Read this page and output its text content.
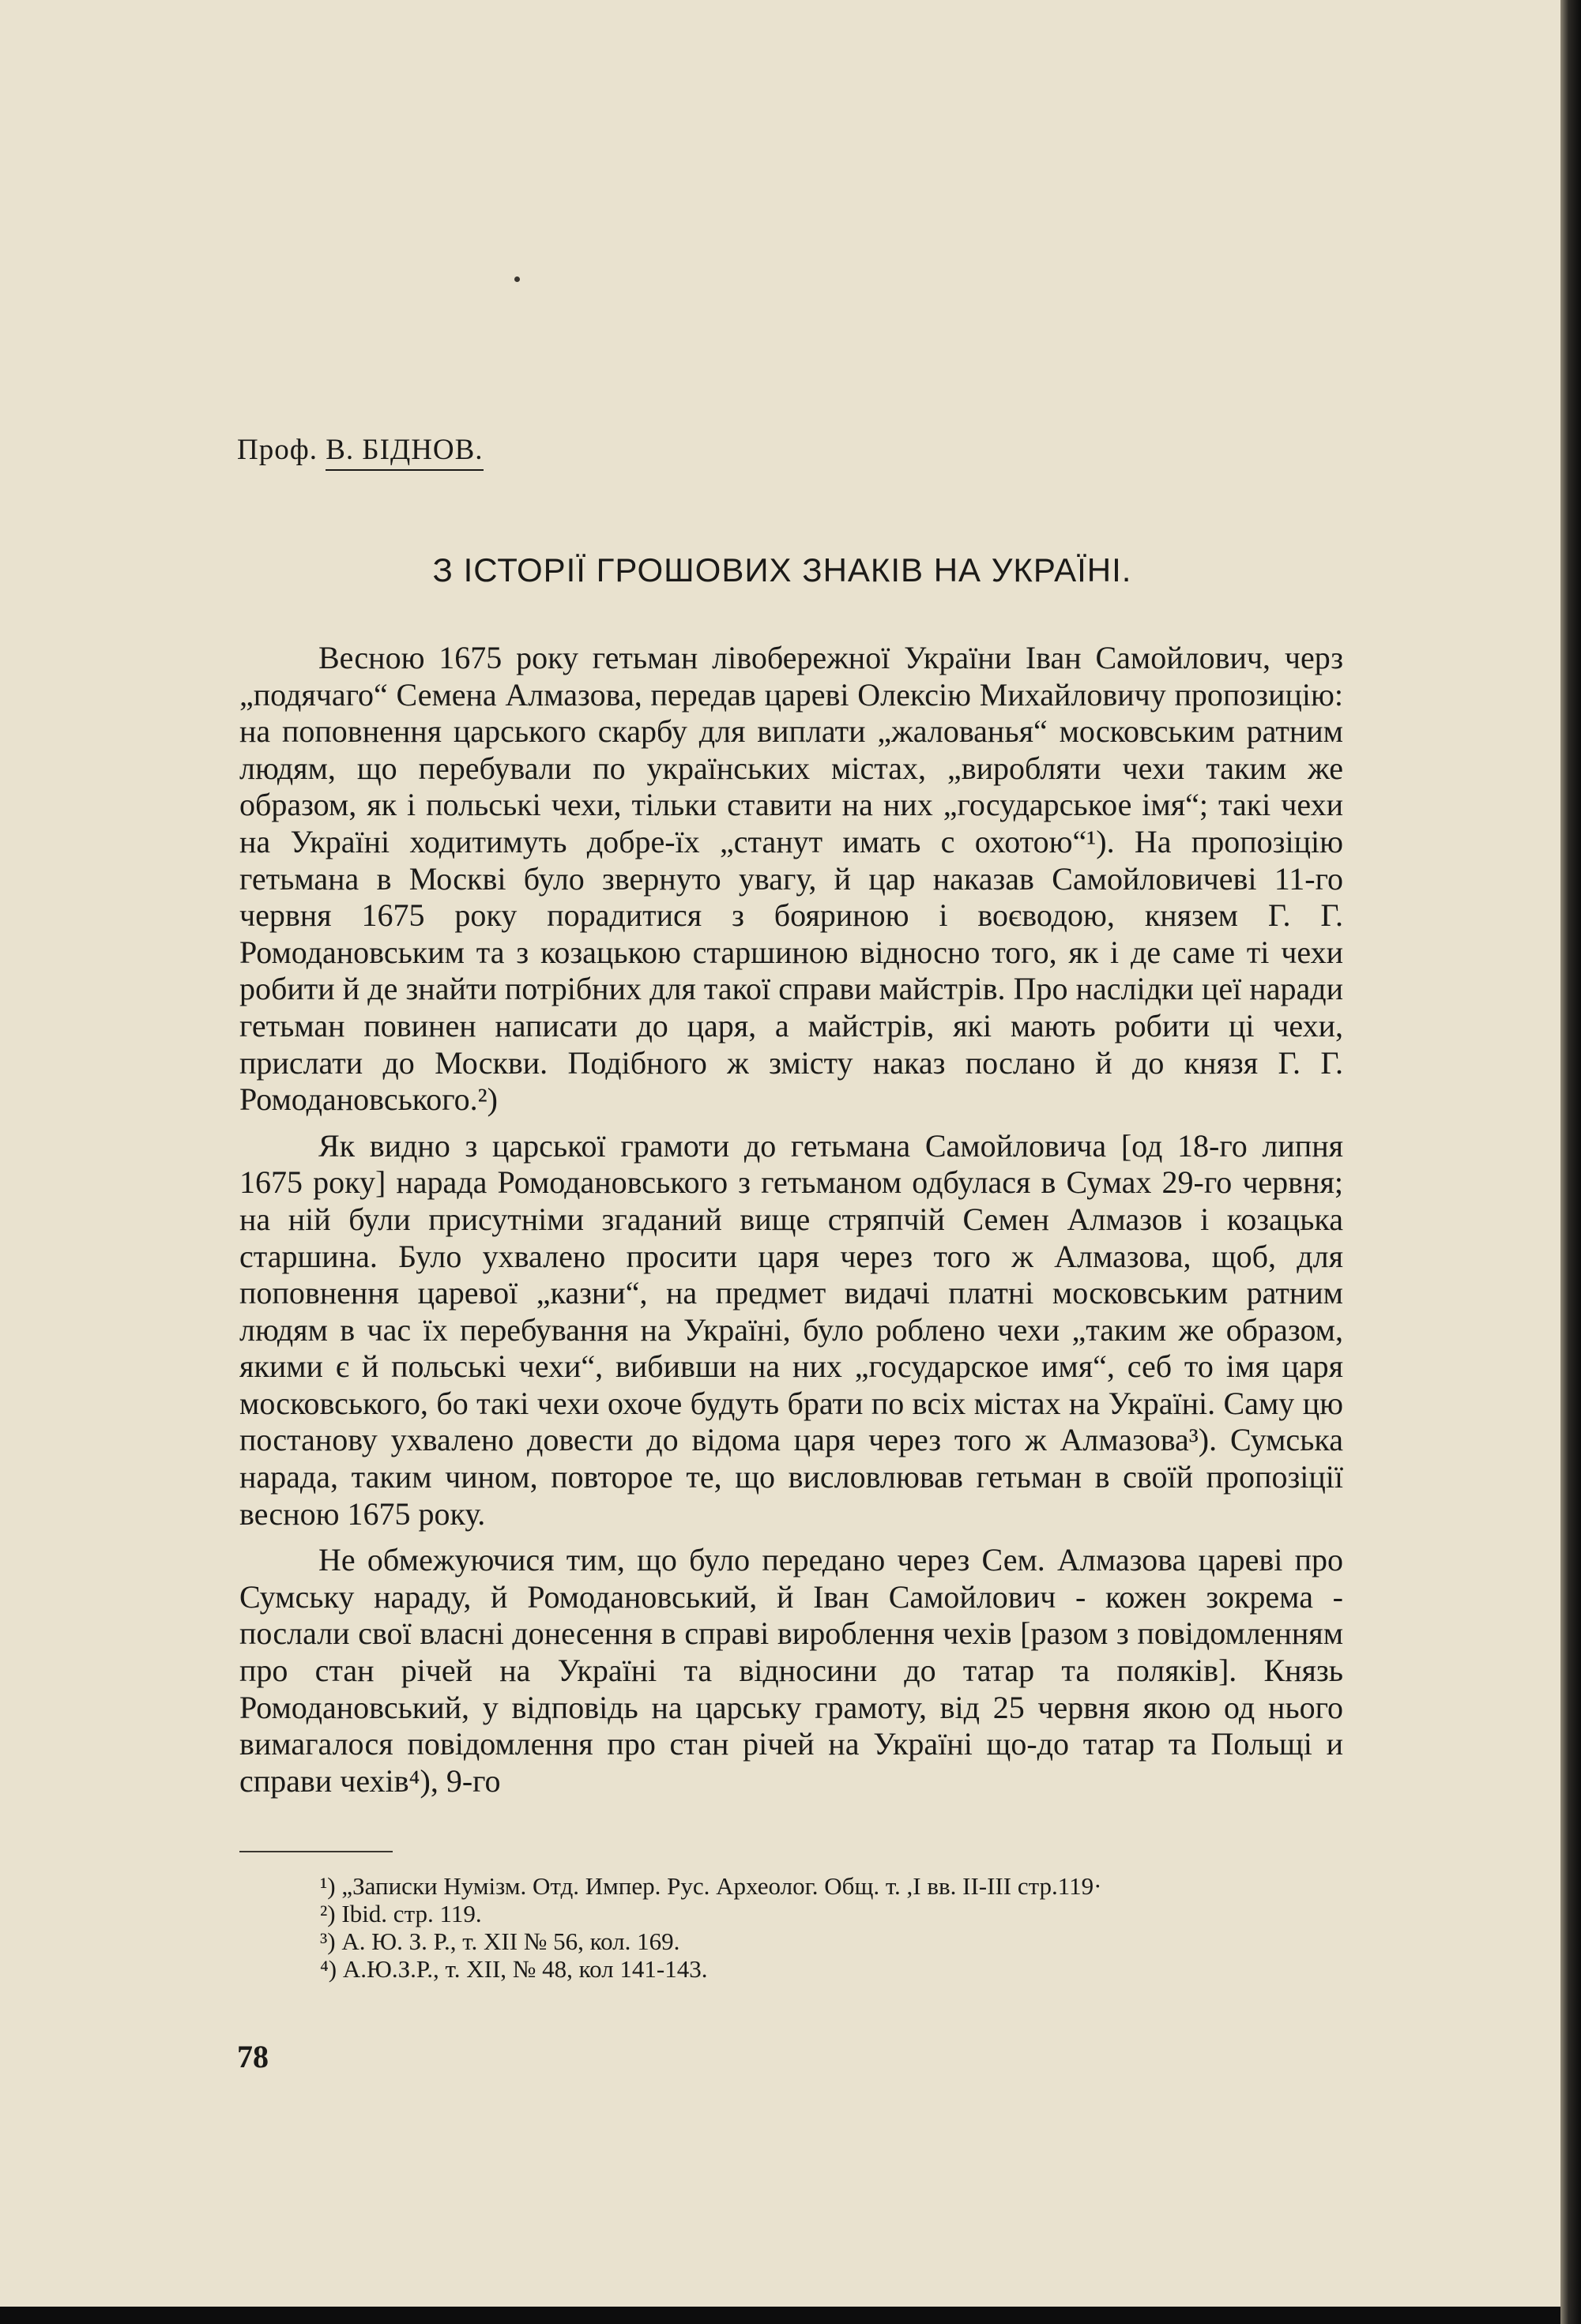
Проф. В. БІДНОВ.
З ІСТОРІЇ ГРОШОВИХ ЗНАКІВ НА УКРАЇНІ.

Весною 1675 року гетьман лівобережної України Іван Самойлович, черз „подячаго“ Семена Алмазова, передав цареві Олексію Михайловичу пропозицію: на поповнення царського скарбу для виплати „жалованья“ московським ратним людям, що перебували по українських містах, „виробляти чехи таким же образом, як і польські чехи, тільки ставити на них „государськое імя“; такі чехи на Україні ходитимуть добре-їх „станут имать с охотою“¹). На пропозіцію гетьмана в Москві було звернуто увагу, й цар наказав Самойловичеві 11-го червня 1675 року порадитися з бояриною і воєводою, князем Г. Г. Ромодановським та з козацькою старшиною відносно того, як і де саме ті чехи робити й де знайти потрібних для такої справи майстрів. Про наслідки цеї наради гетьман повинен написати до царя, а майстрів, які мають робити ці чехи, прислати до Москви. Подібного ж змісту наказ послано й до князя Г. Г. Ромодановського.²)

Як видно з царської грамоти до гетьмана Самойловича [од 18-го липня 1675 року] нарада Ромодановського з гетьманом одбулася в Сумах 29-го червня; на ній були присутніми згаданий вище стряпчій Семен Алмазов і козацька старшина. Було ухвалено просити царя через того ж Алмазова, щоб, для поповнення царевої „казни“, на предмет видачі платні московським ратним людям в час їх перебування на Україні, було роблено чехи „таким же образом, якими є й польські чехи“, вибивши на них „государское имя“, себ то імя царя московського, бо такі чехи охоче будуть брати по всіх містах на Україні. Саму цю постанову ухвалено довести до відома царя через того ж Алмазова³). Сумська нарада, таким чином, повторое те, що висловлював гетьман в своїй пропозіції весною 1675 року.

Не обмежуючися тим, що було передано через Сем. Алмазова цареві про Сумську нараду, й Ромодановський, й Іван Самойлович - кожен зокрема - послали свої власні донесення в справі вироблення чехів [разом з повідомленням про стан річей на Україні та відносини до татар та поляків]. Князь Ромодановський, у відповідь на царську грамоту, від 25 червня якою од нього вимагалося повідомлення про стан річей на Україні що-до татар та Польщі и справи чехів⁴), 9-го

¹) „Записки Нумізм. Отд. Импер. Рус. Археолог. Общ. т. ,I вв. II-III стр.119·
²) Ibid. стр. 119.
³) А. Ю. З. Р., т. XII № 56, кол. 169.
⁴) А.Ю.З.Р., т. XII, № 48, кол 141-143.
78
